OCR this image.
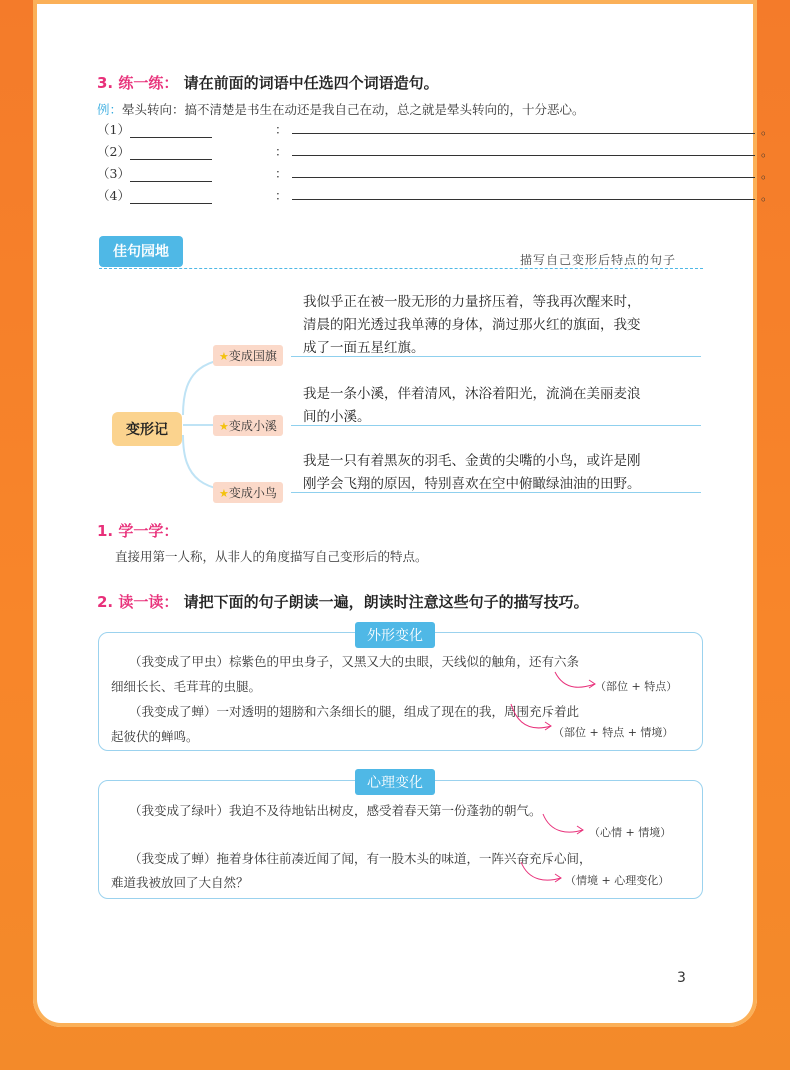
3. 练一练： 请在前面的词语中任选四个词语造句。
例：晕头转向：搞不清楚是书生在动还是我自己在动，总之就是晕头转向的，十分恶心。
（1）	：	。
（2）	：	。
（3）	：	。
（4）	：	。
佳句园地	描写自己变形后特点的句子
变形记
★变成国旗
我似乎正在被一股无形的力量挤压着，等我再次醒来时，
清晨的阳光透过我单薄的身体，淌过那火红的旗面，我变
成了一面五星红旗。
★变成小溪
我是一条小溪，伴着清风，沐浴着阳光，流淌在美丽麦浪
间的小溪。
★变成小鸟
我是一只有着黑灰的羽毛、金黄的尖嘴的小鸟，或许是刚
刚学会飞翔的原因，特别喜欢在空中俯瞰绿油油的田野。
1. 学一学：
直接用第一人称，从非人的角度描写自己变形后的特点。
2. 读一读： 请把下面的句子朗读一遍，朗读时注意这些句子的描写技巧。
外形变化
（我变成了甲虫）棕紫色的甲虫身子，又黑又大的虫眼，天线似的触角，还有六条
细细长长、毛茸茸的虫腿。	（部位 + 特点）
（我变成了蝉）一对透明的翅膀和六条细长的腿，组成了现在的我，周围充斥着此
起彼伏的蝉鸣。	（部位 + 特点 + 情境）
心理变化
（我变成了绿叶）我迫不及待地钻出树皮，感受着春天第一份蓬勃的朝气。
（心情 + 情境）
（我变成了蝉）拖着身体往前凑近闻了闻，有一股木头的味道，一阵兴奋充斥心间，
难道我被放回了大自然？	（情境 + 心理变化）
3
